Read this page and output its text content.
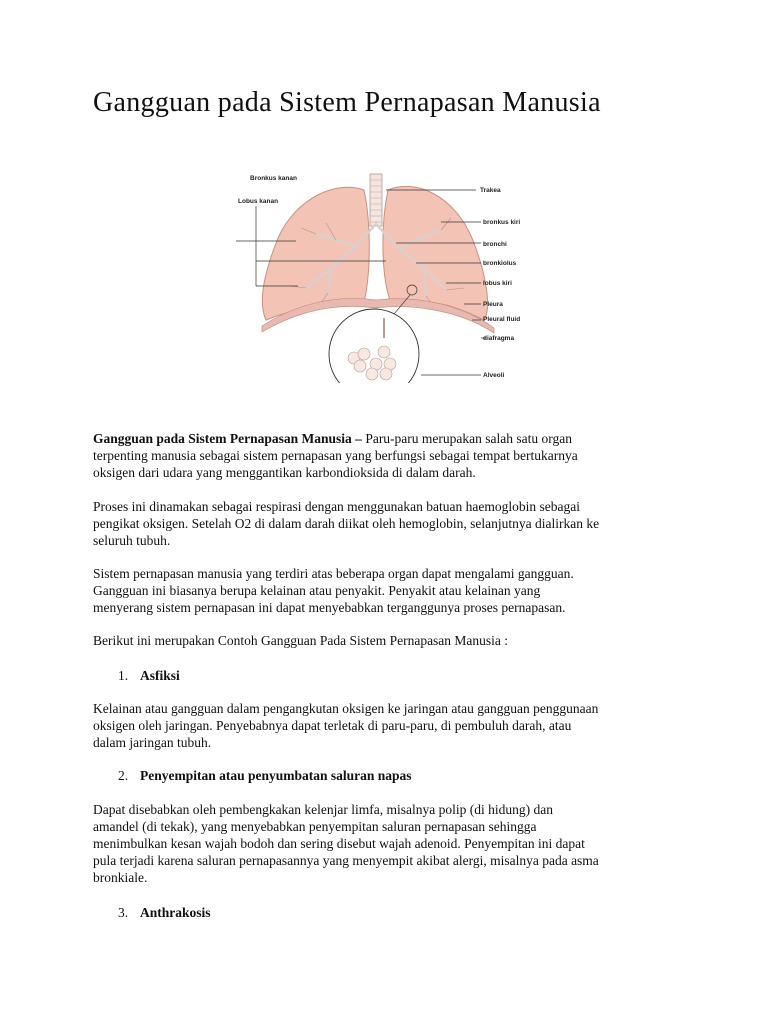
Gangguan pada Sistem Pernapasan Manusia
Bronkus kanan
Lobus kanan
Trakea
bronkus kiri
bronchi
bronkiolus
lobus kiri
Pleura
Pleural fluid
diafragma
Alveoli
Gangguan pada Sistem Pernapasan Manusia – Paru-paru merupakan salah satu organ
terpenting manusia sebagai sistem pernapasan yang berfungsi sebagai tempat bertukarnya
oksigen dari udara yang menggantikan karbondioksida di dalam darah.
Proses ini dinamakan sebagai respirasi dengan menggunakan batuan haemoglobin sebagai
pengikat oksigen. Setelah O2 di dalam darah diikat oleh hemoglobin, selanjutnya dialirkan ke
seluruh tubuh.
Sistem pernapasan manusia yang terdiri atas beberapa organ dapat mengalami gangguan.
Gangguan ini biasanya berupa kelainan atau penyakit. Penyakit atau kelainan yang
menyerang sistem pernapasan ini dapat menyebabkan terganggunya proses pernapasan.
Berikut ini merupakan Contoh Gangguan Pada Sistem Pernapasan Manusia :
1. Asfiksi
Kelainan atau gangguan dalam pengangkutan oksigen ke jaringan atau gangguan penggunaan
oksigen oleh jaringan. Penyebabnya dapat terletak di paru-paru, di pembuluh darah, atau
dalam jaringan tubuh.
2. Penyempitan atau penyumbatan saluran napas
Dapat disebabkan oleh pembengkakan kelenjar limfa, misalnya polip (di hidung) dan
amandel (di tekak), yang menyebabkan penyempitan saluran pernapasan sehingga
menimbulkan kesan wajah bodoh dan sering disebut wajah adenoid. Penyempitan ini dapat
pula terjadi karena saluran pernapasannya yang menyempit akibat alergi, misalnya pada asma
bronkiale.
3. Anthrakosis
